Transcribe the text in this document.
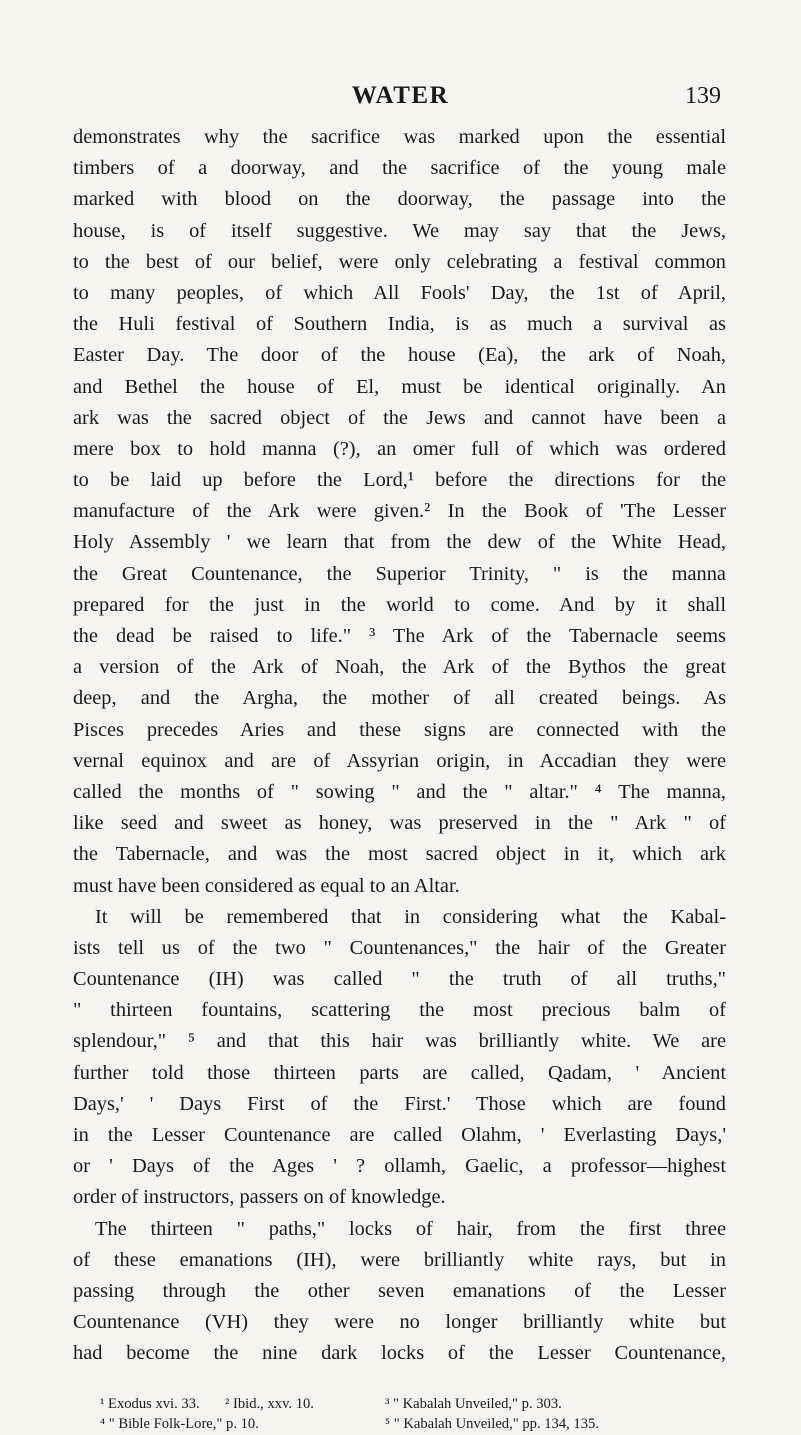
WATER	139
demonstrates why the sacrifice was marked upon the essential
timbers of a doorway, and the sacrifice of the young male
marked with blood on the doorway, the passage into the
house, is of itself suggestive. We may say that the Jews,
to the best of our belief, were only celebrating a festival common
to many peoples, of which All Fools' Day, the 1st of April,
the Huli festival of Southern India, is as much a survival as
Easter Day. The door of the house (Ea), the ark of Noah,
and Bethel the house of El, must be identical originally. An
ark was the sacred object of the Jews and cannot have been a
mere box to hold manna (?), an omer full of which was ordered
to be laid up before the Lord,¹ before the directions for the
manufacture of the Ark were given.² In the Book of 'The Lesser
Holy Assembly ' we learn that from the dew of the White Head,
the Great Countenance, the Superior Trinity, " is the manna
prepared for the just in the world to come. And by it shall
the dead be raised to life." ³ The Ark of the Tabernacle seems
a version of the Ark of Noah, the Ark of the Bythos the great
deep, and the Argha, the mother of all created beings. As
Pisces precedes Aries and these signs are connected with the
vernal equinox and are of Assyrian origin, in Accadian they were
called the months of " sowing " and the " altar." ⁴ The manna,
like seed and sweet as honey, was preserved in the " Ark " of
the Tabernacle, and was the most sacred object in it, which ark
must have been considered as equal to an Altar.
It will be remembered that in considering what the Kabal-
ists tell us of the two " Countenances," the hair of the Greater
Countenance (IH) was called " the truth of all truths,"
" thirteen fountains, scattering the most precious balm of
splendour," ⁵ and that this hair was brilliantly white. We are
further told those thirteen parts are called, Qadam, ' Ancient
Days,' ' Days First of the First.' Those which are found
in the Lesser Countenance are called Olahm, ' Everlasting Days,'
or ' Days of the Ages ' ? ollamh, Gaelic, a professor—highest
order of instructors, passers on of knowledge.
The thirteen " paths," locks of hair, from the first three
of these emanations (IH), were brilliantly white rays, but in
passing through the other seven emanations of the Lesser
Countenance (VH) they were no longer brilliantly white but
had become the nine dark locks of the Lesser Countenance,
¹ Exodus xvi. 33.	² Ibid., xxv. 10.	³ " Kabalah Unveiled," p. 303.
⁴ " Bible Folk-Lore," p. 10.	⁵ " Kabalah Unveiled," pp. 134, 135.
